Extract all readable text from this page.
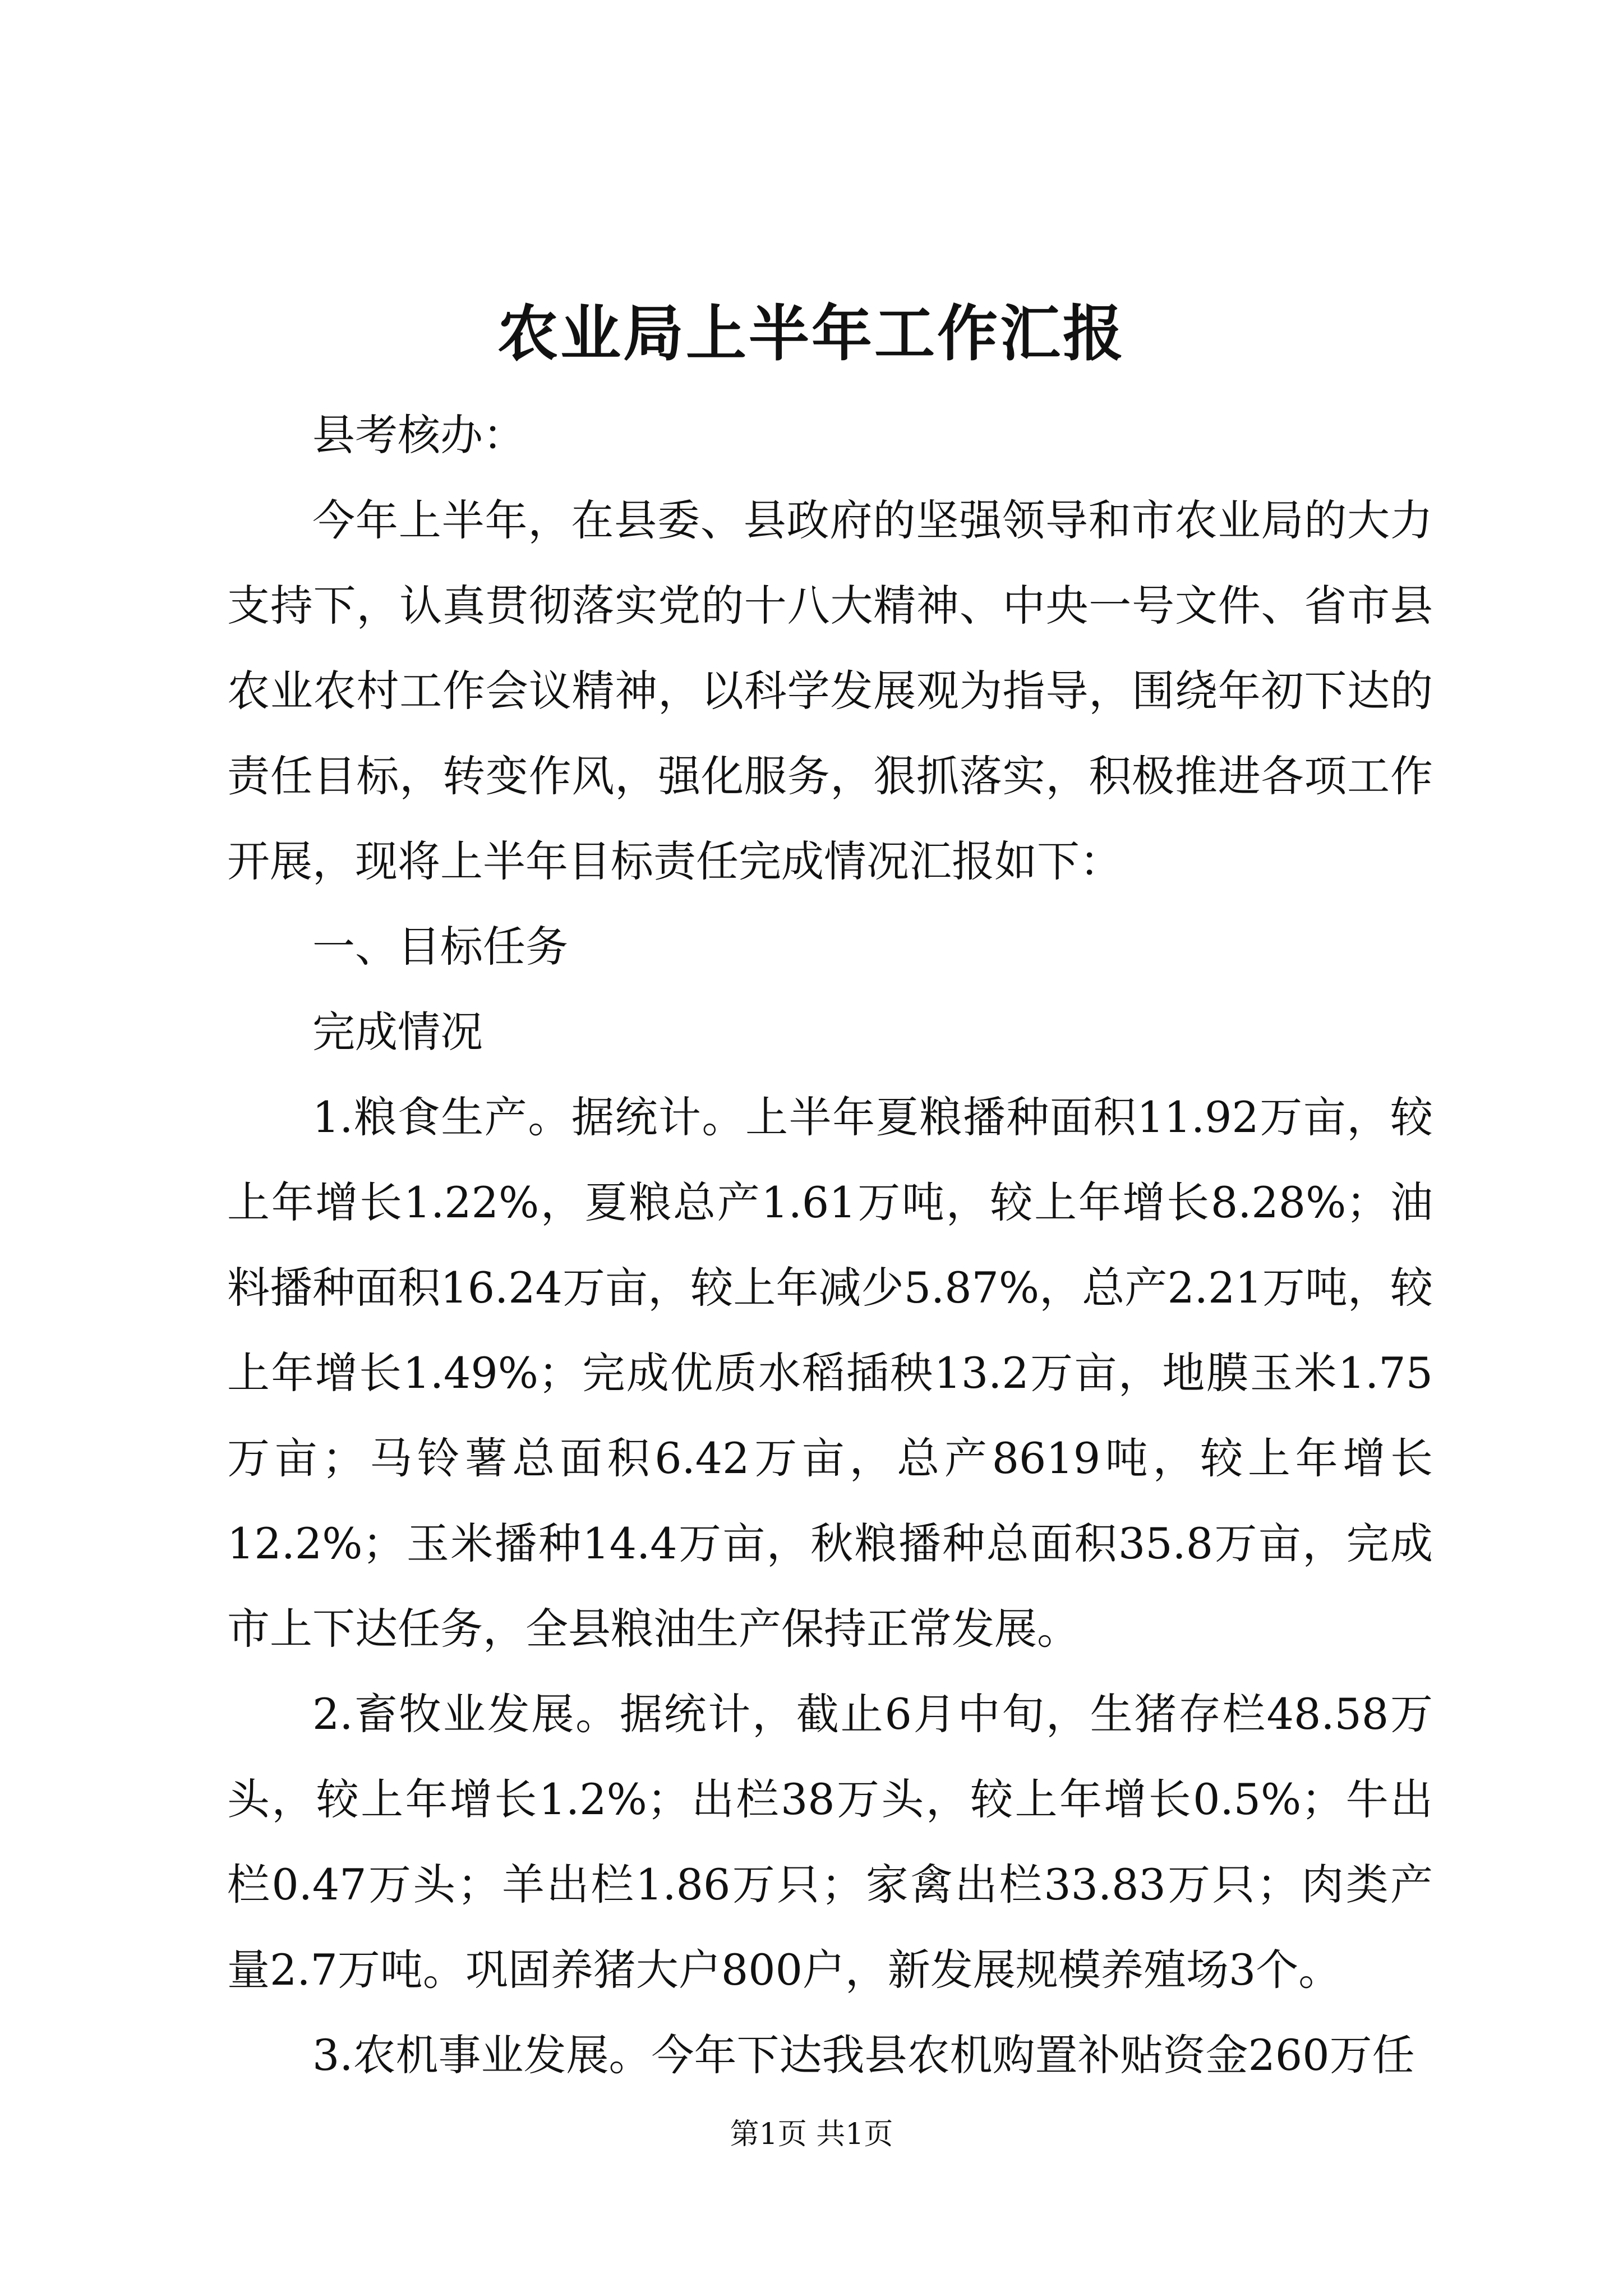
农业局上半年工作汇报

县考核办：

今年上半年，在县委、县政府的坚强领导和市农业局的大力支持下，认真贯彻落实党的十八大精神、中央一号文件、省市县农业农村工作会议精神，以科学发展观为指导，围绕年初下达的责任目标，转变作风，强化服务，狠抓落实，积极推进各项工作开展，现将上半年目标责任完成情况汇报如下：

一、目标任务

完成情况

1.粮食生产。据统计。上半年夏粮播种面积11.92万亩，较上年增长1.22%，夏粮总产1.61万吨，较上年增长8.28%；油料播种面积16.24万亩，较上年减少5.87%，总产2.21万吨，较上年增长1.49%；完成优质水稻插秧13.2万亩，地膜玉米1.75万亩；马铃薯总面积6.42万亩，总产8619吨，较上年增长12.2%；玉米播种14.4万亩，秋粮播种总面积35.8万亩，完成市上下达任务，全县粮油生产保持正常发展。

2.畜牧业发展。据统计，截止6月中旬，生猪存栏48.58万头，较上年增长1.2%；出栏38万头，较上年增长0.5%；牛出栏0.47万头；羊出栏1.86万只；家禽出栏33.83万只；肉类产量2.7万吨。巩固养猪大户800户，新发展规模养殖场3个。

3.农机事业发展。今年下达我县农机购置补贴资金260万任

第1页 共1页
